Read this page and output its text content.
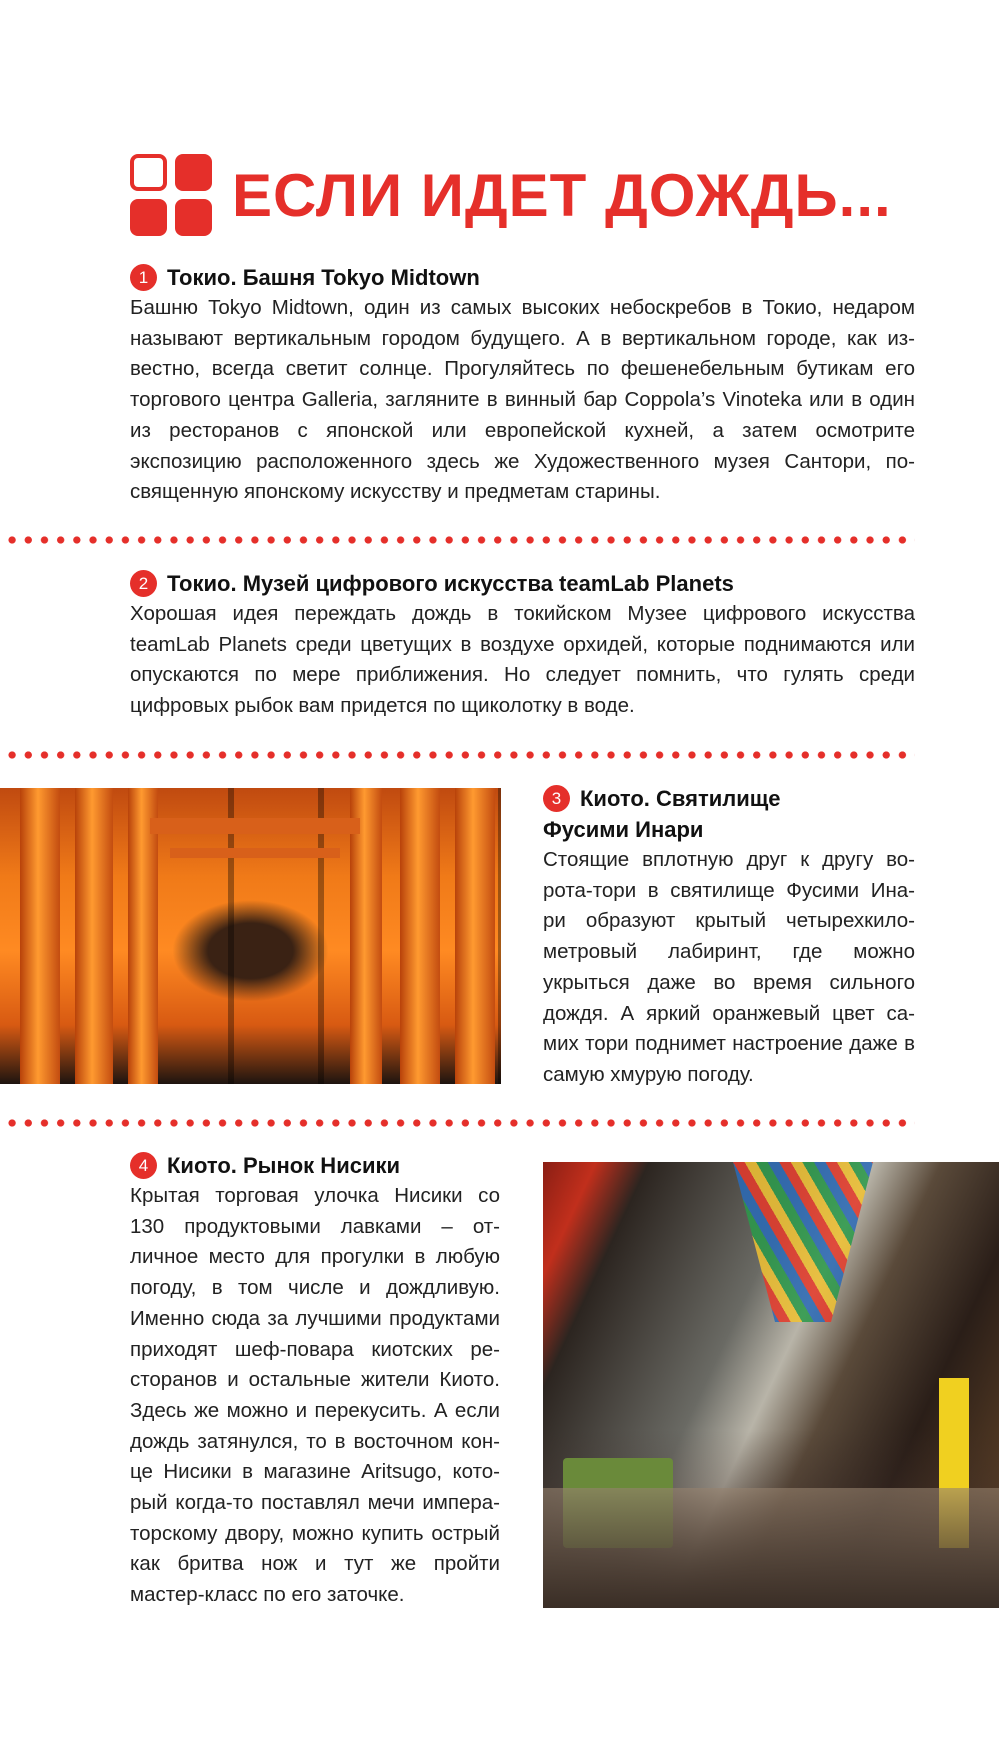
ЕСЛИ ИДЕТ ДОЖДЬ...
1 Токио. Башня Tokyo Midtown

Башню Tokyo Midtown, один из самых высоких небоскребов в Токио, недаром называют вертикальным городом будущего. А в вертикальном городе, как из- вестно, всегда светит солнце. Прогуляйтесь по фешенебельным бутикам его торгового центра Galleria, загляните в винный бар Coppola’s Vinoteka или в один из ресторанов с японской или европейской кухней, а затем осмотрите экспозицию расположенного здесь же Художественного музея Сантори, по- священную японскому искусству и предметам старины.

2 Токио. Музей цифрового искусства teamLab Planets

Хорошая идея переждать дождь в токийском Музее цифрового искусства teamLab Planets среди цветущих в воздухе орхидей, которые поднимаются или опускаются по мере приближения. Но следует помнить, что гулять среди цифровых рыбок вам придется по щиколотку в воде.

3 Киото. Святилище
Фусими Инари

Стоящие вплотную друг к другу во- рота-тори в святилище Фусими Ина- ри образуют крытый четырехкило- метровый лабиринт, где можно укрыться даже во время сильного дождя. А яркий оранжевый цвет са- мих тори поднимет настроение даже в самую хмурую погоду.

4 Киото. Рынок Нисики

Крытая торговая улочка Нисики со 130 продуктовыми лавками – от- личное место для прогулки в любую погоду, в том числе и дождливую. Именно сюда за лучшими продуктами приходят шеф-повара киотских ре- сторанов и остальные жители Киото. Здесь же можно и перекусить. А если дождь затянулся, то в восточном кон- це Нисики в магазине Aritsugo, кото- рый когда-то поставлял мечи импера- торскому двору, можно купить острый как бритва нож и тут же пройти мастер-класс по его заточке.
